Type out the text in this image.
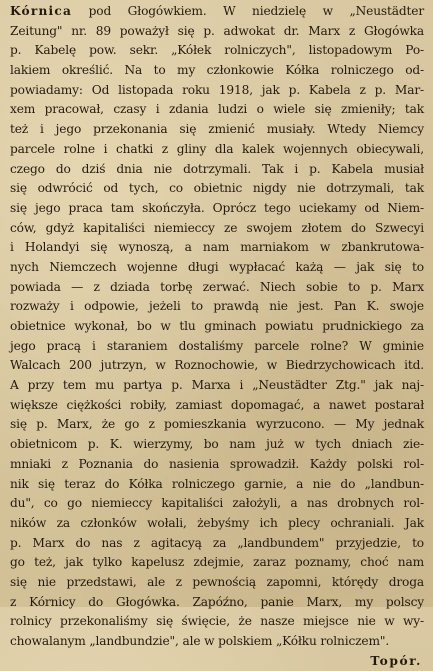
Kórnica pod Głogówkiem. W niedzielę w „Neustädter
Zeitung" nr. 89 poważył się p. adwokat dr. Marx z Głogówka
p. Kabelę pow. sekr. „Kółek rolniczych", listopadowym Po-
lakiem określić. Na to my członkowie Kółka rolniczego od-
powiadamy: Od listopada roku 1918, jak p. Kabela z p. Mar-
xem pracował, czasy i zdania ludzi o wiele się zmieniły; tak
też i jego przekonania się zmienić musiały. Wtedy Niemcy
parcele rolne i chatki z gliny dla kalek wojennych obiecywali,
czego do dziś dnia nie dotrzymali. Tak i p. Kabela musiał
się odwrócić od tych, co obietnic nigdy nie dotrzymali, tak
się jego praca tam skończyła. Oprócz tego uciekamy od Niem-
ców, gdyż kapitaliści niemieccy ze swojem złotem do Szwecyi
i Holandyi się wynoszą, a nam marniakom w zbankrutowa-
nych Niemczech wojenne długi wypłacać każą — jak się to
powiada — z dziada torbę zerwać. Niech sobie to p. Marx
rozważy i odpowie, jeżeli to prawdą nie jest. Pan K. swoje
obietnice wykonał, bo w tlu gminach powiatu prudnickiego za
jego pracą i staraniem dostaliśmy parcele rolne? W gminie
Walcach 200 jutrzyn, w Roznochowie, w Biedrzychowicach itd.
A przy tem mu partya p. Marxa i „Neustädter Ztg." jak naj-
większe ciężkości robiły, zamiast dopomagać, a nawet postarał
się p. Marx, że go z pomieszkania wyrzucono. — My jednak
obietnicom p. K. wierzymy, bo nam już w tych dniach zie-
mniaki z Poznania do nasienia sprowadził. Każdy polski rol-
nik się teraz do Kółka rolniczego garnie, a nie do „landbun-
du", co go niemieccy kapitaliści założyli, a nas drobnych rol-
ników za członków wołali, żebyśmy ich plecy ochraniali. Jak
p. Marx do nas z agitacyą za „landbundem" przyjedzie, to
go też, jak tylko kapelusz zdejmie, zaraz poznamy, choć nam
się nie przedstawi, ale z pewnością zapomni, którędy droga
z Kórnicy do Głogówka. Zapóźno, panie Marx, my polscy
rolnicy przekonaliśmy się święcie, że nasze miejsce nie w wy-
chowalanym „landbundzie", ale w polskiem „Kółku rolniczem".
Topór.
